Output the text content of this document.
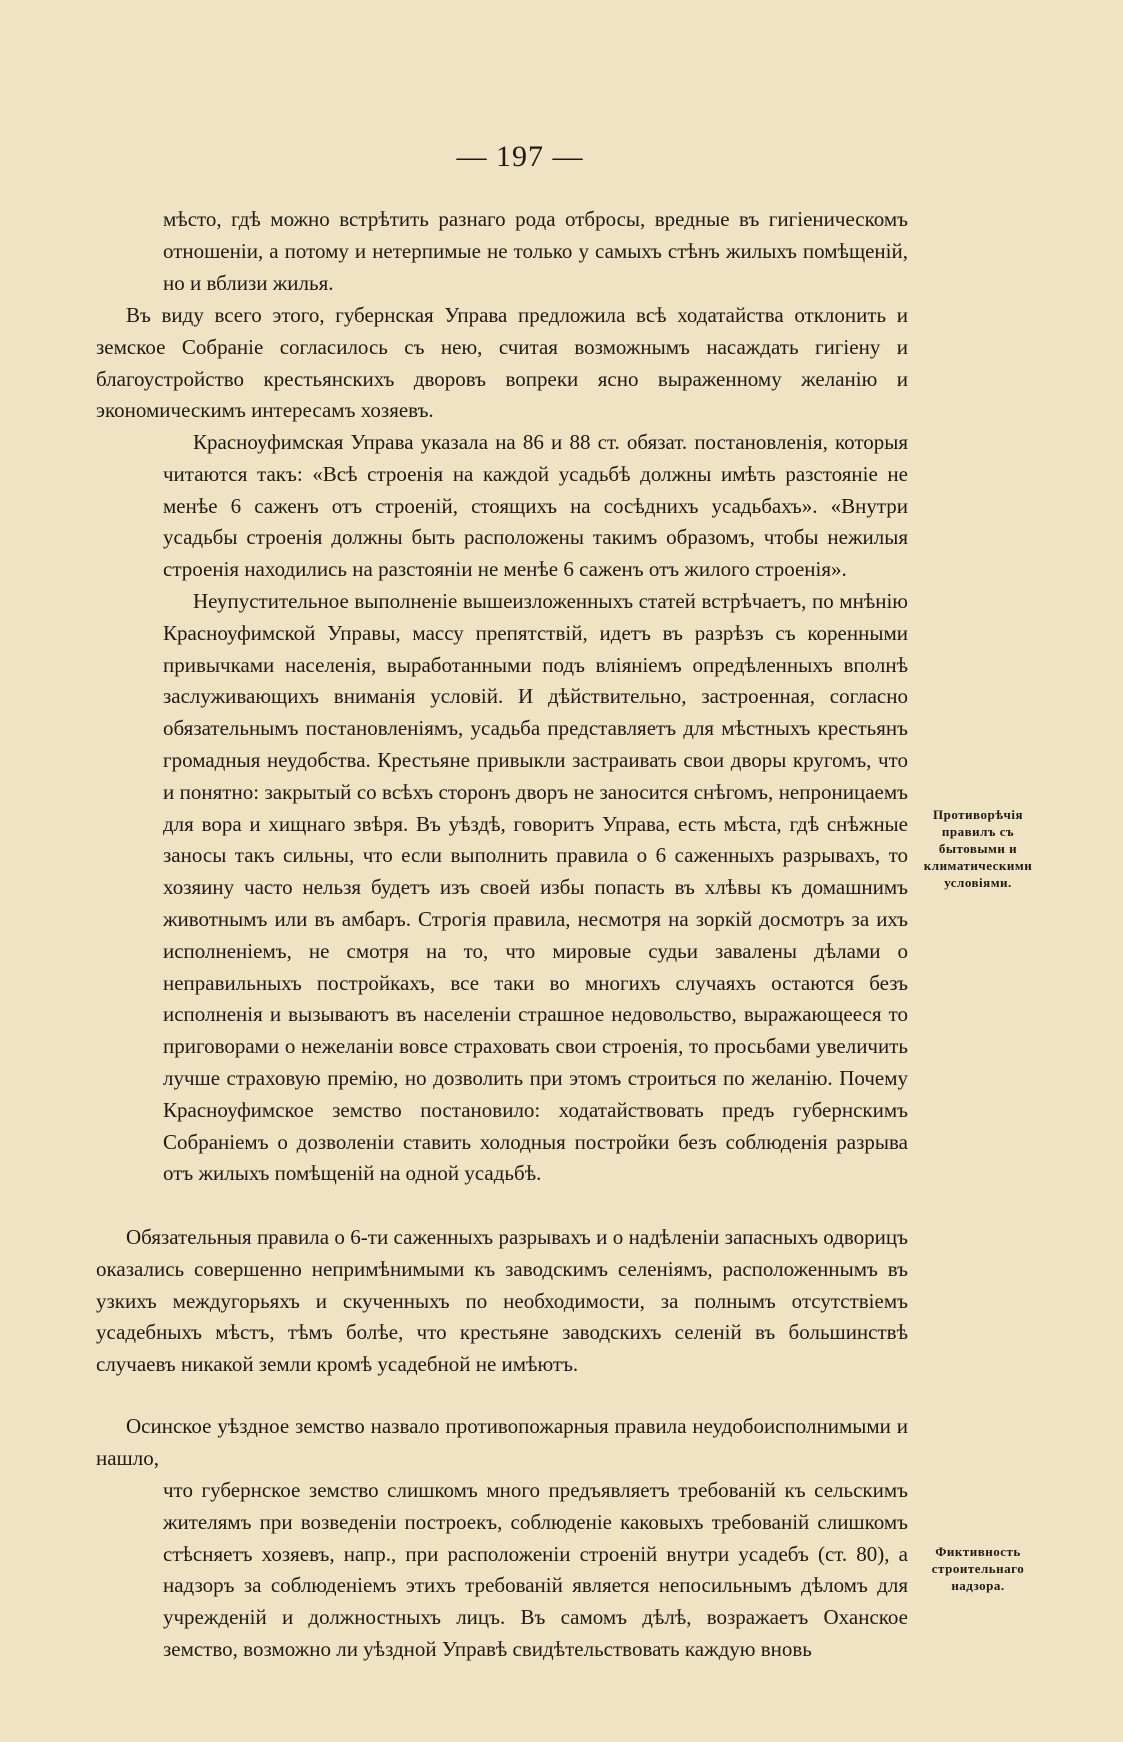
— 197 —

мѣсто, гдѣ можно встрѣтить разнаго рода отбросы, вредные въ гигіеническомъ отношеніи, а потому и нетерпимые не только у самыхъ стѣнъ жилыхъ помѣщеній, но и вблизи жилья.

Въ виду всего этого, губернская Управа предложила всѣ ходатайства отклонить и земское Собраніе согласилось съ нею, считая возможнымъ насаждать гигіену и благоустройство крестьянскихъ дворовъ вопреки ясно выраженному желанію и экономическимъ интересамъ хозяевъ.

Красноуфимская Управа указала на 86 и 88 ст. обязат. постановленія, которыя читаются такъ: «Всѣ строенія на каждой усадьбѣ должны имѣть разстояніе не менѣе 6 саженъ отъ строеній, стоящихъ на сосѣднихъ усадьбахъ». «Внутри усадьбы строенія должны быть расположены такимъ образомъ, чтобы нежилыя строенія находились на разстояніи не менѣе 6 саженъ отъ жилого строенія».

Неупустительное выполненіе вышеизложенныхъ статей встрѣчаетъ, по мнѣнію Красноуфимской Управы, массу препятствій, идетъ въ разрѣзъ съ коренными привычками населенія, выработанными подъ вліяніемъ опредѣленныхъ вполнѣ заслуживающихъ вниманія условій. И дѣйствительно, застроенная, согласно обязательнымъ постановленіямъ, усадьба представляетъ для мѣстныхъ крестьянъ громадныя неудобства. Крестьяне привыкли застраивать свои дворы кругомъ, что и понятно: закрытый со всѣхъ сторонъ дворъ не заносится снѣгомъ, непроницаемъ для вора и хищнаго звѣря. Въ уѣздѣ, говоритъ Управа, есть мѣста, гдѣ снѣжные заносы такъ сильны, что если выполнить правила о 6 саженныхъ разрывахъ, то хозяину часто нельзя будетъ изъ своей избы попасть въ хлѣвы къ домашнимъ животнымъ или въ амбаръ. Строгія правила, несмотря на зоркій досмотръ за ихъ исполненіемъ, не смотря на то, что мировые судьи завалены дѣлами о неправильныхъ постройкахъ, все таки во многихъ случаяхъ остаются безъ исполненія и вызываютъ въ населеніи страшное недовольство, выражающееся то приговорами о нежеланіи вовсе страховать свои строенія, то просьбами увеличить лучше страховую премію, но дозволить при этомъ строиться по желанію. Почему Красноуфимское земство постановило: ходатайствовать предъ губернскимъ Собраніемъ о дозволеніи ставить холодныя постройки безъ соблюденія разрыва отъ жилыхъ помѣщеній на одной усадьбѣ.

Обязательныя правила о 6-ти саженныхъ разрывахъ и о надѣленіи запасныхъ одворицъ оказались совершенно непримѣнимыми къ заводскимъ селеніямъ, расположеннымъ въ узкихъ междугорьяхъ и скученныхъ по необходимости, за полнымъ отсутствіемъ усадебныхъ мѣстъ, тѣмъ болѣе, что крестьяне заводскихъ селеній въ большинствѣ случаевъ никакой земли кромѣ усадебной не имѣютъ.

Осинское уѣздное земство назвало противопожарныя правила неудобоисполнимыми и нашло,

что губернское земство слишкомъ много предъявляетъ требованій къ сельскимъ жителямъ при возведеніи построекъ, соблюденіе каковыхъ требованій слишкомъ стѣсняетъ хозяевъ, напр., при расположеніи строеній внутри усадебъ (ст. 80), а надзоръ за соблюденіемъ этихъ требованій является непосильнымъ дѣломъ для учрежденій и должностныхъ лицъ. Въ самомъ дѣлѣ, возражаетъ Оханское земство, возможно ли уѣздной Управѣ свидѣтельствовать каждую вновь

Противорѣчія правилъ съ бытовыми и климатическими условіями.
Фиктивность строительнаго надзора.
